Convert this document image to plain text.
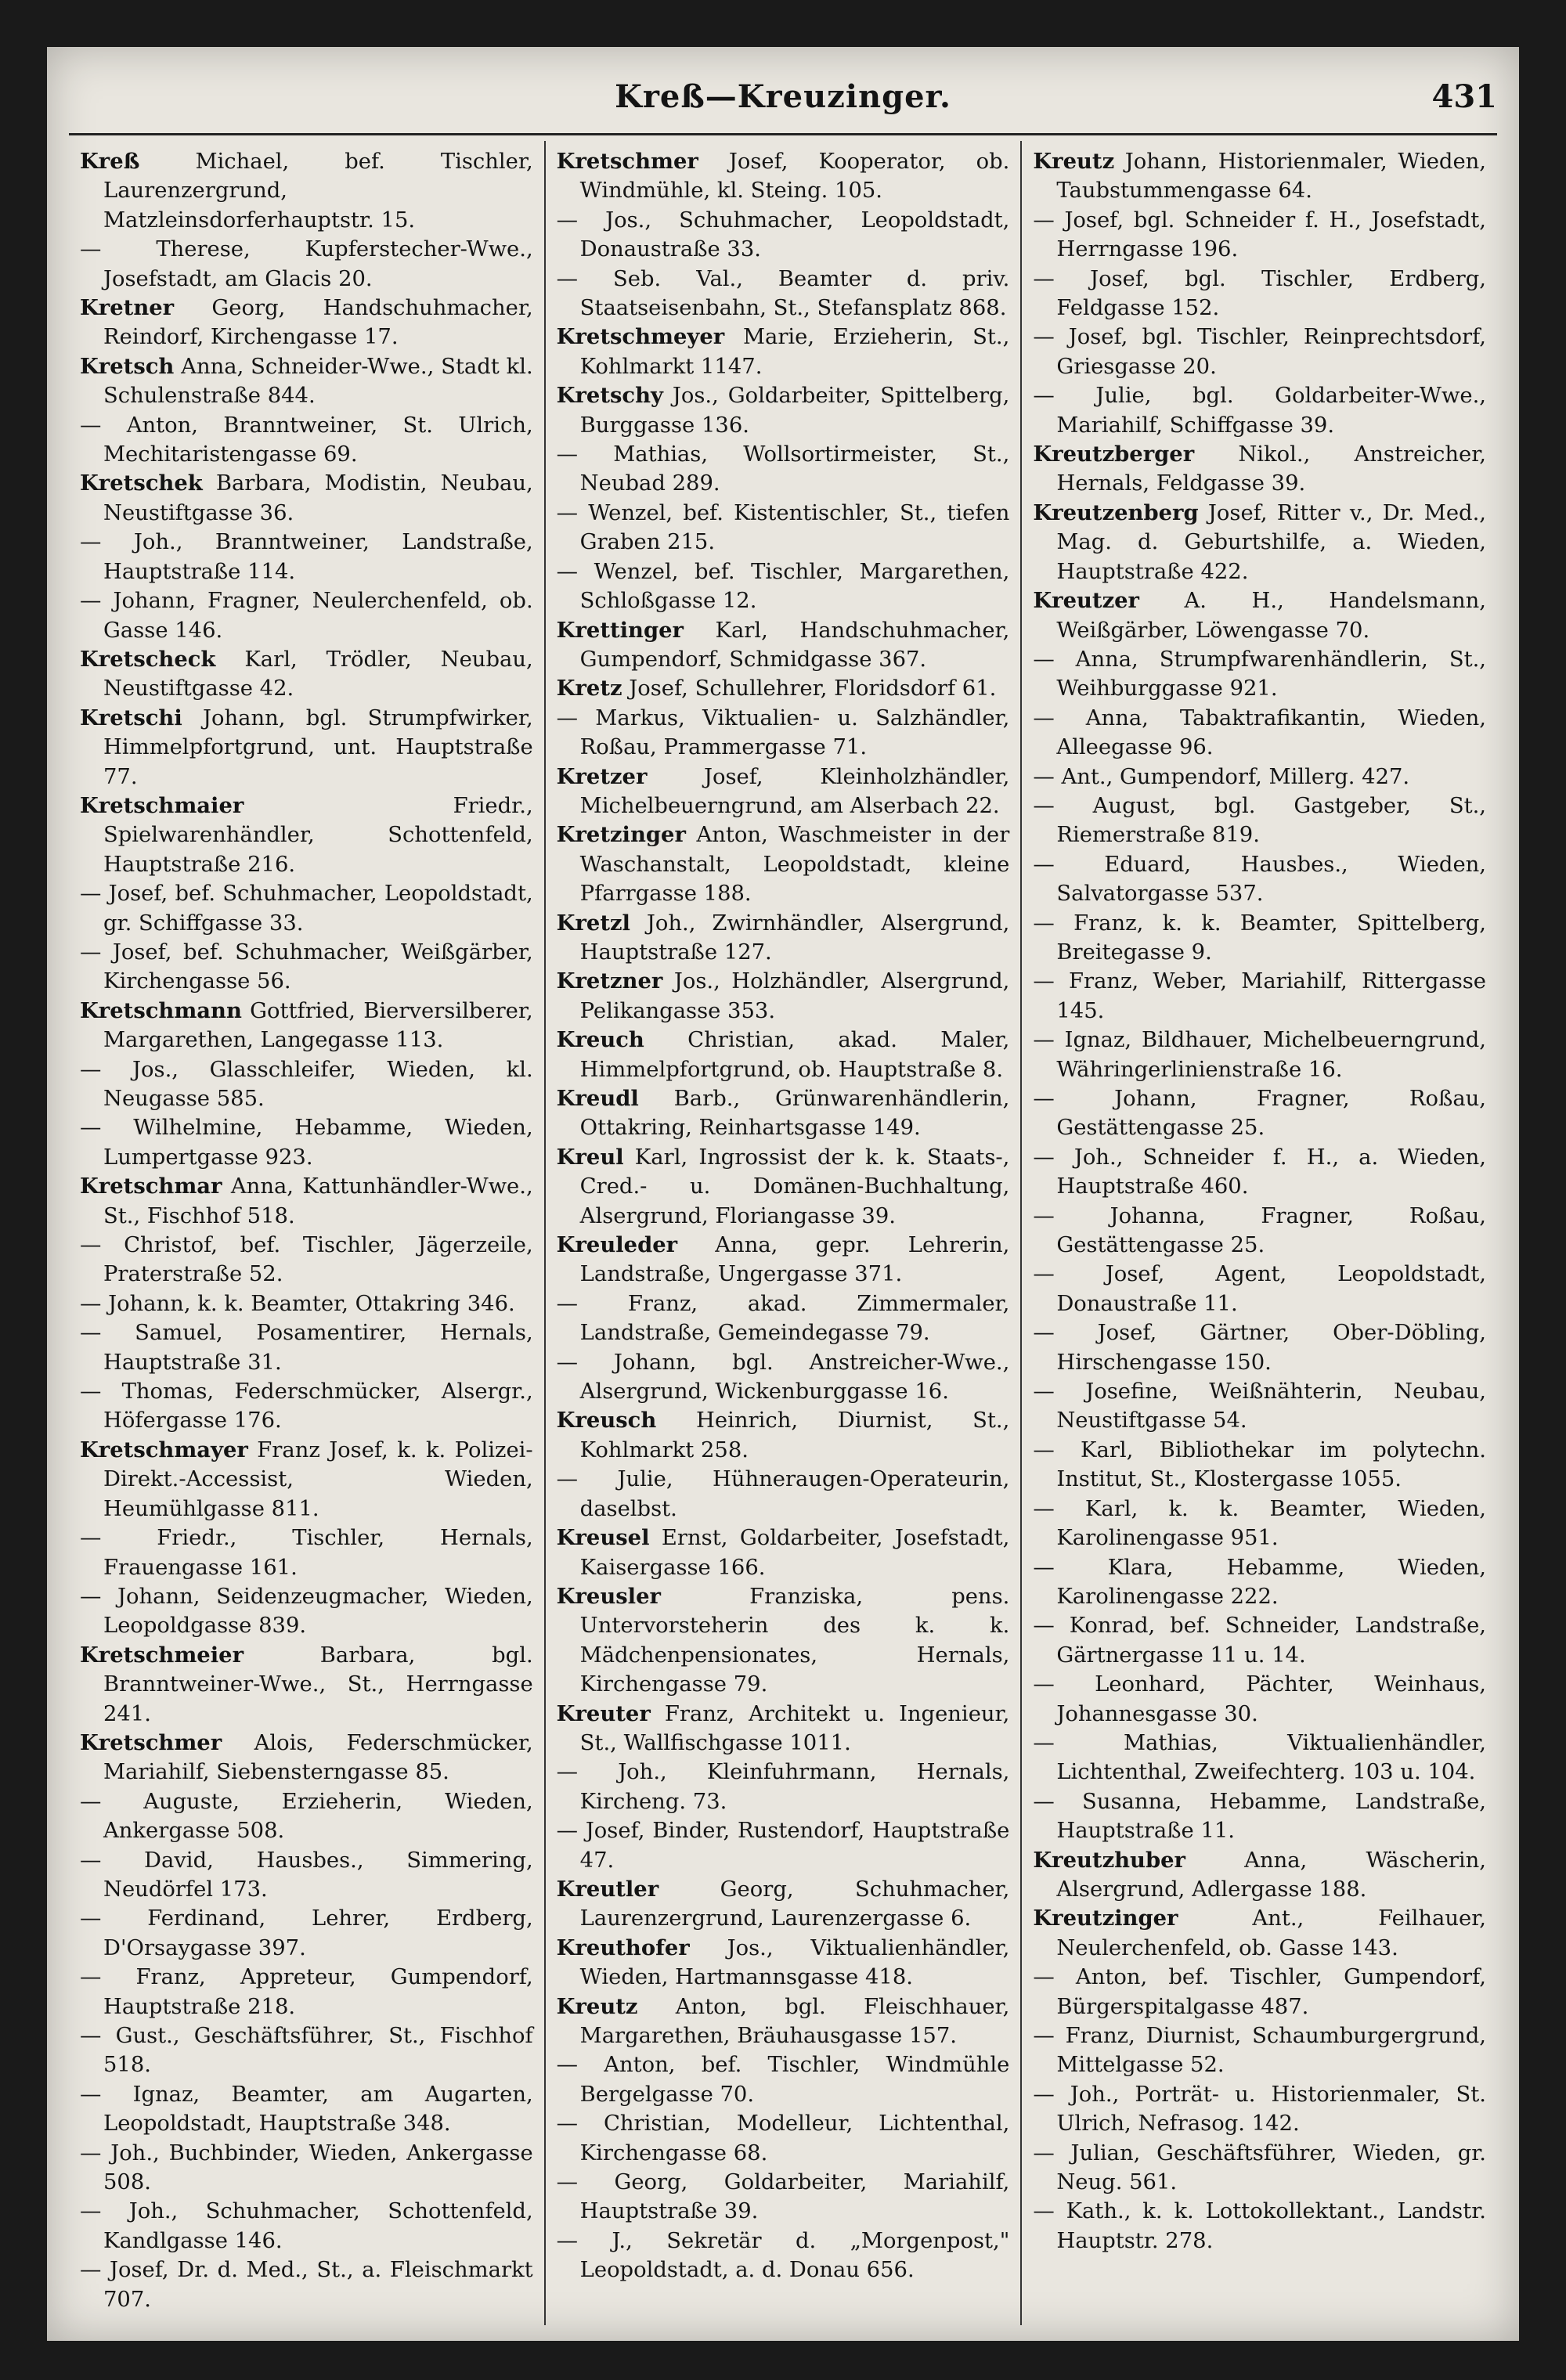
Kreß—Kreuzinger.	431
Kreß Michael, bef. Tischler, Laurenzergrund, Matzleinsdorferhauptstr. 15.
— Therese, Kupferstecher-Wwe., Josefstadt, am Glacis 20.
Kretner Georg, Handschuhmacher, Reindorf, Kirchengasse 17.
Kretsch Anna, Schneider-Wwe., Stadt kl. Schulenstraße 844.
— Anton, Branntweiner, St. Ulrich, Mechitaristengasse 69.
Kretschek Barbara, Modistin, Neubau, Neustiftgasse 36.
— Joh., Branntweiner, Landstraße, Hauptstraße 114.
— Johann, Fragner, Neulerchenfeld, ob. Gasse 146.
Kretscheck Karl, Trödler, Neubau, Neustiftgasse 42.
Kretschi Johann, bgl. Strumpfwirker, Himmelpfortgrund, unt. Hauptstraße 77.
Kretschmaier Friedr., Spielwarenhändler, Schottenfeld, Hauptstraße 216.
— Josef, bef. Schuhmacher, Leopoldstadt, gr. Schiffgasse 33.
— Josef, bef. Schuhmacher, Weißgärber, Kirchengasse 56.
Kretschmann Gottfried, Bierversilberer, Margarethen, Langegasse 113.
— Jos., Glasschleifer, Wieden, kl. Neugasse 585.
— Wilhelmine, Hebamme, Wieden, Lumpertgasse 923.
Kretschmar Anna, Kattunhändler-Wwe., St., Fischhof 518.
— Christof, bef. Tischler, Jägerzeile, Praterstraße 52.
— Johann, k. k. Beamter, Ottakring 346.
— Samuel, Posamentirer, Hernals, Hauptstraße 31.
— Thomas, Federschmücker, Alsergr., Höfergasse 176.
Kretschmayer Franz Josef, k. k. Polizei-Direkt.-Accessist, Wieden, Heumühlgasse 811.
— Friedr., Tischler, Hernals, Frauengasse 161.
— Johann, Seidenzeugmacher, Wieden, Leopoldgasse 839.
Kretschmeier Barbara, bgl. Branntweiner-Wwe., St., Herrngasse 241.
Kretschmer Alois, Federschmücker, Mariahilf, Siebensterngasse 85.
— Auguste, Erzieherin, Wieden, Ankergasse 508.
— David, Hausbes., Simmering, Neudörfel 173.
— Ferdinand, Lehrer, Erdberg, D'Orsaygasse 397.
— Franz, Appreteur, Gumpendorf, Hauptstraße 218.
— Gust., Geschäftsführer, St., Fischhof 518.
— Ignaz, Beamter, am Augarten, Leopoldstadt, Hauptstraße 348.
— Joh., Buchbinder, Wieden, Ankergasse 508.
— Joh., Schuhmacher, Schottenfeld, Kandlgasse 146.
— Josef, Dr. d. Med., St., a. Fleischmarkt 707.
Kretschmer Josef, Kooperator, ob. Windmühle, kl. Steing. 105.
— Jos., Schuhmacher, Leopoldstadt, Donaustraße 33.
— Seb. Val., Beamter d. priv. Staatseisenbahn, St., Stefansplatz 868.
Kretschmeyer Marie, Erzieherin, St., Kohlmarkt 1147.
Kretschy Jos., Goldarbeiter, Spittelberg, Burggasse 136.
— Mathias, Wollsortirmeister, St., Neubad 289.
— Wenzel, bef. Kistentischler, St., tiefen Graben 215.
— Wenzel, bef. Tischler, Margarethen, Schloßgasse 12.
Krettinger Karl, Handschuhmacher, Gumpendorf, Schmidgasse 367.
Kretz Josef, Schullehrer, Floridsdorf 61.
— Markus, Viktualien- u. Salzhändler, Roßau, Prammergasse 71.
Kretzer Josef, Kleinholzhändler, Michelbeuerngrund, am Alserbach 22.
Kretzinger Anton, Waschmeister in der Waschanstalt, Leopoldstadt, kleine Pfarrgasse 188.
Kretzl Joh., Zwirnhändler, Alsergrund, Hauptstraße 127.
Kretzner Jos., Holzhändler, Alsergrund, Pelikangasse 353.
Kreuch Christian, akad. Maler, Himmelpfortgrund, ob. Hauptstraße 8.
Kreudl Barb., Grünwarenhändlerin, Ottakring, Reinhartsgasse 149.
Kreul Karl, Ingrossist der k. k. Staats-, Cred.- u. Domänen-Buchhaltung, Alsergrund, Floriangasse 39.
Kreuleder Anna, gepr. Lehrerin, Landstraße, Ungergasse 371.
— Franz, akad. Zimmermaler, Landstraße, Gemeindegasse 79.
— Johann, bgl. Anstreicher-Wwe., Alsergrund, Wickenburggasse 16.
Kreusch Heinrich, Diurnist, St., Kohlmarkt 258.
— Julie, Hühneraugen-Operateurin, daselbst.
Kreusel Ernst, Goldarbeiter, Josefstadt, Kaisergasse 166.
Kreusler Franziska, pens. Untervorsteherin des k. k. Mädchenpensionates, Hernals, Kirchengasse 79.
Kreuter Franz, Architekt u. Ingenieur, St., Wallfischgasse 1011.
— Joh., Kleinfuhrmann, Hernals, Kircheng. 73.
— Josef, Binder, Rustendorf, Hauptstraße 47.
Kreutler Georg, Schuhmacher, Laurenzergrund, Laurenzergasse 6.
Kreuthofer Jos., Viktualienhändler, Wieden, Hartmannsgasse 418.
Kreutz Anton, bgl. Fleischhauer, Margarethen, Bräuhausgasse 157.
— Anton, bef. Tischler, Windmühle Bergelgasse 70.
— Christian, Modelleur, Lichtenthal, Kirchengasse 68.
— Georg, Goldarbeiter, Mariahilf, Hauptstraße 39.
— J., Sekretär d. „Morgenpost," Leopoldstadt, a. d. Donau 656.
Kreutz Johann, Historienmaler, Wieden, Taubstummengasse 64.
— Josef, bgl. Schneider f. H., Josefstadt, Herrngasse 196.
— Josef, bgl. Tischler, Erdberg, Feldgasse 152.
— Josef, bgl. Tischler, Reinprechtsdorf, Griesgasse 20.
— Julie, bgl. Goldarbeiter-Wwe., Mariahilf, Schiffgasse 39.
Kreutzberger Nikol., Anstreicher, Hernals, Feldgasse 39.
Kreutzenberg Josef, Ritter v., Dr. Med., Mag. d. Geburtshilfe, a. Wieden, Hauptstraße 422.
Kreutzer A. H., Handelsmann, Weißgärber, Löwengasse 70.
— Anna, Strumpfwarenhändlerin, St., Weihburggasse 921.
— Anna, Tabaktrafikantin, Wieden, Alleegasse 96.
— Ant., Gumpendorf, Millerg. 427.
— August, bgl. Gastgeber, St., Riemerstraße 819.
— Eduard, Hausbes., Wieden, Salvatorgasse 537.
— Franz, k. k. Beamter, Spittelberg, Breitegasse 9.
— Franz, Weber, Mariahilf, Rittergasse 145.
— Ignaz, Bildhauer, Michelbeuerngrund, Währingerlinienstraße 16.
— Johann, Fragner, Roßau, Gestättengasse 25.
— Joh., Schneider f. H., a. Wieden, Hauptstraße 460.
— Johanna, Fragner, Roßau, Gestättengasse 25.
— Josef, Agent, Leopoldstadt, Donaustraße 11.
— Josef, Gärtner, Ober-Döbling, Hirschengasse 150.
— Josefine, Weißnähterin, Neubau, Neustiftgasse 54.
— Karl, Bibliothekar im polytechn. Institut, St., Klostergasse 1055.
— Karl, k. k. Beamter, Wieden, Karolinengasse 951.
— Klara, Hebamme, Wieden, Karolinengasse 222.
— Konrad, bef. Schneider, Landstraße, Gärtnergasse 11 u. 14.
— Leonhard, Pächter, Weinhaus, Johannesgasse 30.
— Mathias, Viktualienhändler, Lichtenthal, Zweifechterg. 103 u. 104.
— Susanna, Hebamme, Landstraße, Hauptstraße 11.
Kreutzhuber Anna, Wäscherin, Alsergrund, Adlergasse 188.
Kreutzinger Ant., Feilhauer, Neulerchenfeld, ob. Gasse 143.
— Anton, bef. Tischler, Gumpendorf, Bürgerspitalgasse 487.
— Franz, Diurnist, Schaumburgergrund, Mittelgasse 52.
— Joh., Porträt- u. Historienmaler, St. Ulrich, Nefrasog. 142.
— Julian, Geschäftsführer, Wieden, gr. Neug. 561.
— Kath., k. k. Lottokollektant., Landstr. Hauptstr. 278.
